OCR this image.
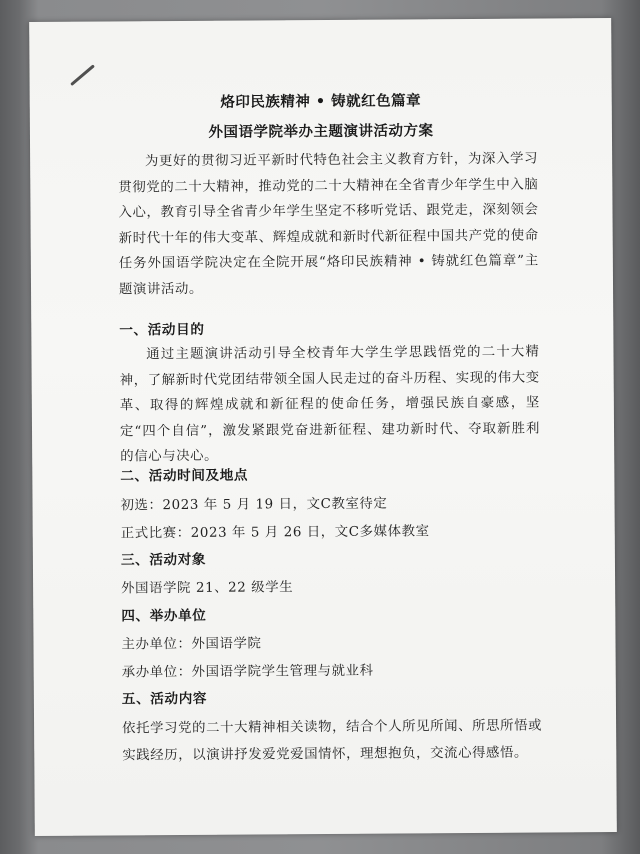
烙印民族精神 • 铸就红色篇章
外国语学院举办主题演讲活动方案
为更好的贯彻习近平新时代特色社会主义教育方针，为深入学习贯彻党的二十大精神，推动党的二十大精神在全省青少年学生中入脑入心，教育引导全省青少年学生坚定不移听党话、跟党走，深刻领会新时代十年的伟大变革、辉煌成就和新时代新征程中国共产党的使命任务外国语学院决定在全院开展“烙印民族精神 • 铸就红色篇章”主题演讲活动。
一、活动目的
通过主题演讲活动引导全校青年大学生学思践悟党的二十大精神，了解新时代党团结带领全国人民走过的奋斗历程、实现的伟大变革、取得的辉煌成就和新征程的使命任务，增强民族自豪感，坚定“四个自信”，激发紧跟党奋进新征程、建功新时代、夺取新胜利的信心与决心。
二、活动时间及地点
初选：2023 年 5 月 19 日，文C教室待定
正式比赛：2023 年 5 月 26 日，文C多媒体教室
三、活动对象
外国语学院 21、22 级学生
四、举办单位
主办单位：外国语学院
承办单位：外国语学院学生管理与就业科
五、活动内容
依托学习党的二十大精神相关读物，结合个人所见所闻、所思所悟或实践经历，以演讲抒发爱党爱国情怀，理想抱负，交流心得感悟。
